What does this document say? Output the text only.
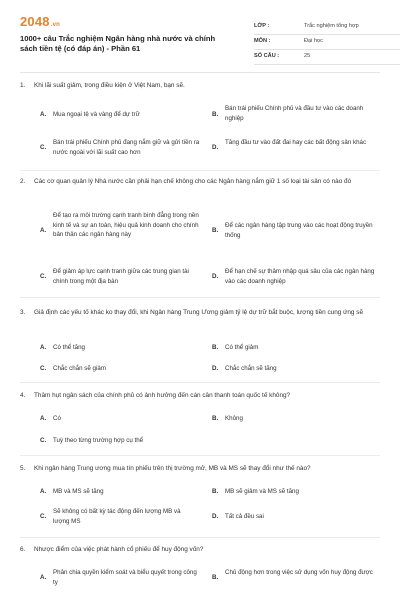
2048.vn
1000+ câu Trắc nghiệm Ngân hàng nhà nước và chính sách tiền tệ (có đáp án) - Phần 61
LỚP :	Trắc nghiệm tổng hợp
MÔN :	Đại học
SỐ CÂU :	25
1. Khi lãi suất giảm, trong điều kiện ở Việt Nam, bạn sẽ.
A. Mua ngoại tệ và vàng để dự trữ	B.
Bán trái phiếu Chính phủ và đầu tư vào các doanh nghiệp
C.
Bán trái phiếu Chính phủ đang nắm giữ và gửi tiền ra nước ngoài với lãi suất cao hơn
D.
Tăng đầu tư vào đất đai hay các bất động sản khác
2. Các cơ quan quản lý Nhà nước cần phải hạn chế không cho các Ngân hàng nắm giữ 1 số loại tài sản có nào đó
A.
Để tạo ra môi trường cạnh tranh bình đẳng trong nền kinh tế và sự an toàn, hiệu quả kinh doanh cho chính bản thân các ngân hàng này
B.
Để các ngân hàng tập trung vào các hoạt động truyền thống
C.
Để giảm áp lực cạnh tranh giữa các trung gian tài chính trong một địa bàn
D.
Để hạn chế sự thâm nhập quá sâu của các ngân hàng vào các doanh nghiệp
3. Giả định các yếu tố khác ko thay đổi, khi Ngân hàng Trung Ương giảm tỷ lệ dự trữ bắt buộc, lượng tiền cung ứng sẽ
A. Có thể tăng	B. Có thể giảm
C. Chắc chắn sẽ giảm	D. Chắc chắn sẽ tăng
4. Thâm hụt ngân sách của chính phủ có ảnh hưởng đến cán cân thanh toán quốc tế không?
A. Có	B. Không
C. Tuỳ theo từng trường hợp cụ thể
5. Khi ngân hàng Trung ương mua tín phiếu trên thị trường mở, MB và MS sẽ thay đổi như thế nào?
A. MB và MS sẽ tăng	B. MB sẽ giảm và MS sẽ tăng
C.
Sẽ không có bất kỳ tác động đến lượng MB và lượng MS
D. Tất cả đều sai
6. Nhược điểm của việc phát hành cổ phiếu để huy động vốn?
A.
Phân chia quyền kiểm soát và biểu quyết trong công ty
B.
Chủ động hơn trong việc sử dụng vốn huy động được
